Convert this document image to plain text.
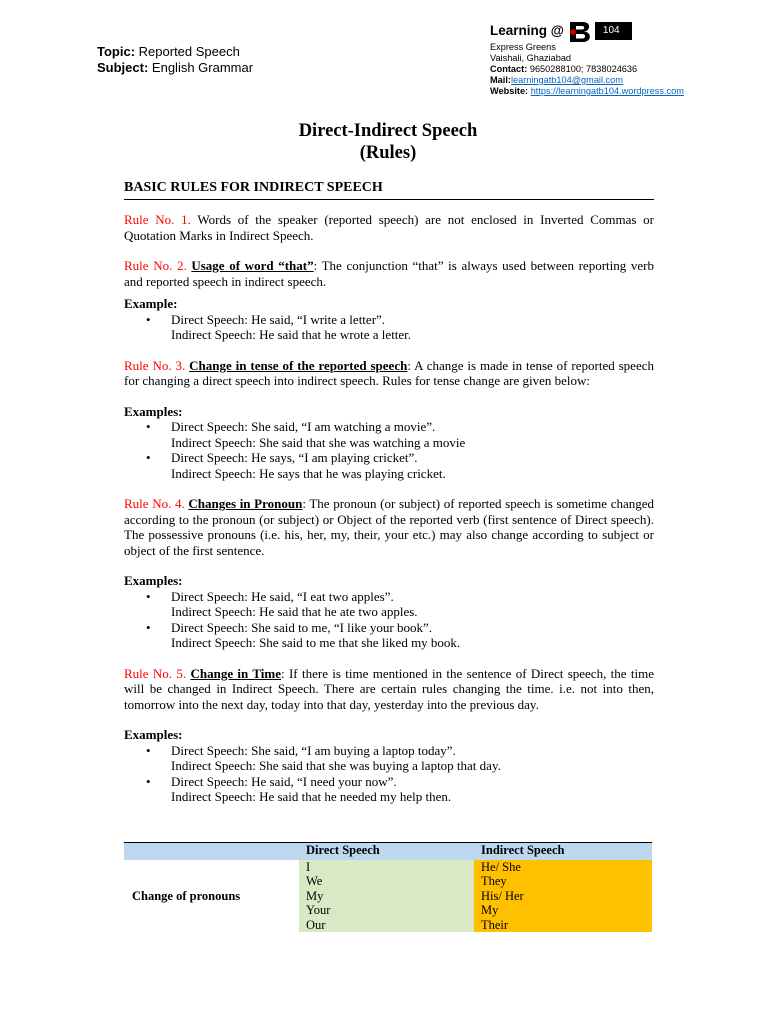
Topic: Reported Speech
Subject: English Grammar
Learning @	104
Express Greens
Vaishali, Ghaziabad
Contact: 9650288100; 7838024636
Mail:learningatb104@gmail.com
Website: https://learningatb104.wordpress.com
Direct-Indirect Speech
(Rules)
BASIC RULES FOR INDIRECT SPEECH

Rule No. 1. Words of the speaker (reported speech) are not enclosed in Inverted Commas or Quotation Marks in Indirect Speech.

Rule No. 2. Usage of word “that”: The conjunction “that” is always used between reporting verb and reported speech in indirect speech.

Example:
• Direct Speech: He said, “I write a letter”.
Indirect Speech: He said that he wrote a letter.

Rule No. 3. Change in tense of the reported speech: A change is made in tense of reported speech for changing a direct speech into indirect speech. Rules for tense change are given below:

Examples:
• Direct Speech: She said, “I am watching a movie”.
Indirect Speech: She said that she was watching a movie
• Direct Speech: He says, “I am playing cricket”.
Indirect Speech: He says that he was playing cricket.

Rule No. 4. Changes in Pronoun: The pronoun (or subject) of reported speech is sometime changed according to the pronoun (or subject) or Object of the reported verb (first sentence of Direct speech). The possessive pronouns (i.e. his, her, my, their, your etc.) may also change according to subject or object of the first sentence.

Examples:
• Direct Speech: He said, “I eat two apples”.
Indirect Speech: He said that he ate two apples.
• Direct Speech: She said to me, “I like your book”.
Indirect Speech: She said to me that she liked my book.

Rule No. 5. Change in Time: If there is time mentioned in the sentence of Direct speech, the time will be changed in Indirect Speech. There are certain rules changing the time. i.e. not into then, tomorrow into the next day, today into that day, yesterday into the previous day.

Examples:
• Direct Speech: She said, “I am buying a laptop today”.
Indirect Speech: She said that she was buying a laptop that day.
• Direct Speech: He said, “I need your now”.
Indirect Speech: He said that he needed my help then.
	Direct Speech	Indirect Speech
Change of pronouns	I	He/ She
	We	They
	My	His/ Her
	Your	My
	Our	Their
